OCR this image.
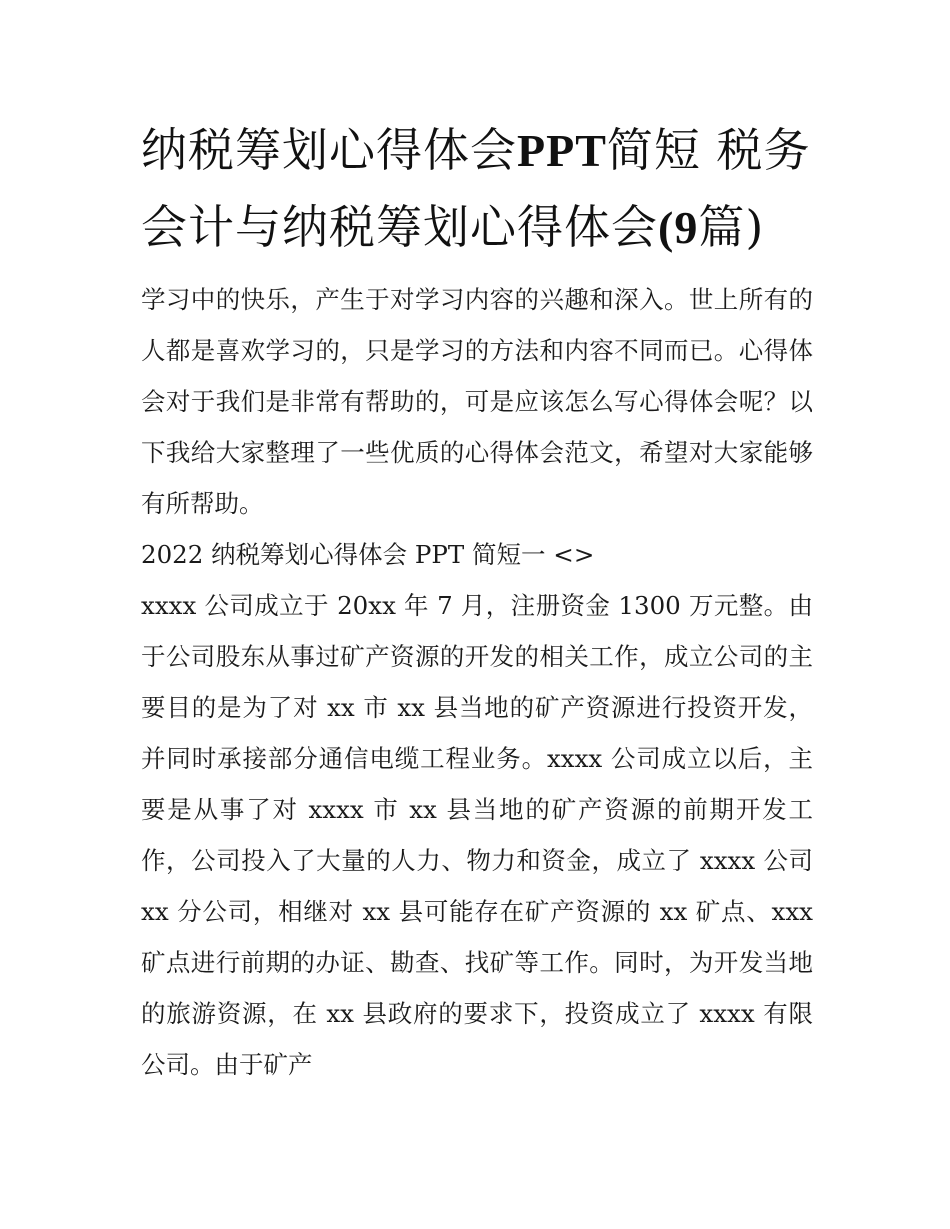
纳税筹划心得体会PPT简短 税务会计与纳税筹划心得体会(9篇)

学习中的快乐，产生于对学习内容的兴趣和深入。世上所有的人都是喜欢学习的，只是学习的方法和内容不同而已。心得体会对于我们是非常有帮助的，可是应该怎么写心得体会呢？以下我给大家整理了一些优质的心得体会范文，希望对大家能够有所帮助。

2022 纳税筹划心得体会 PPT 简短一 <>

xxxx 公司成立于 20xx 年 7 月，注册资金 1300 万元整。由于公司股东从事过矿产资源的开发的相关工作，成立公司的主要目的是为了对 xx 市 xx 县当地的矿产资源进行投资开发，并同时承接部分通信电缆工程业务。xxxx 公司成立以后，主要是从事了对 xxxx 市 xx 县当地的矿产资源的前期开发工作，公司投入了大量的人力、物力和资金，成立了 xxxx 公司 xx 分公司，相继对 xx 县可能存在矿产资源的 xx 矿点、xxx 矿点进行前期的办证、勘查、找矿等工作。同时，为开发当地的旅游资源，在 xx 县政府的要求下，投资成立了 xxxx 有限公司。由于矿产
